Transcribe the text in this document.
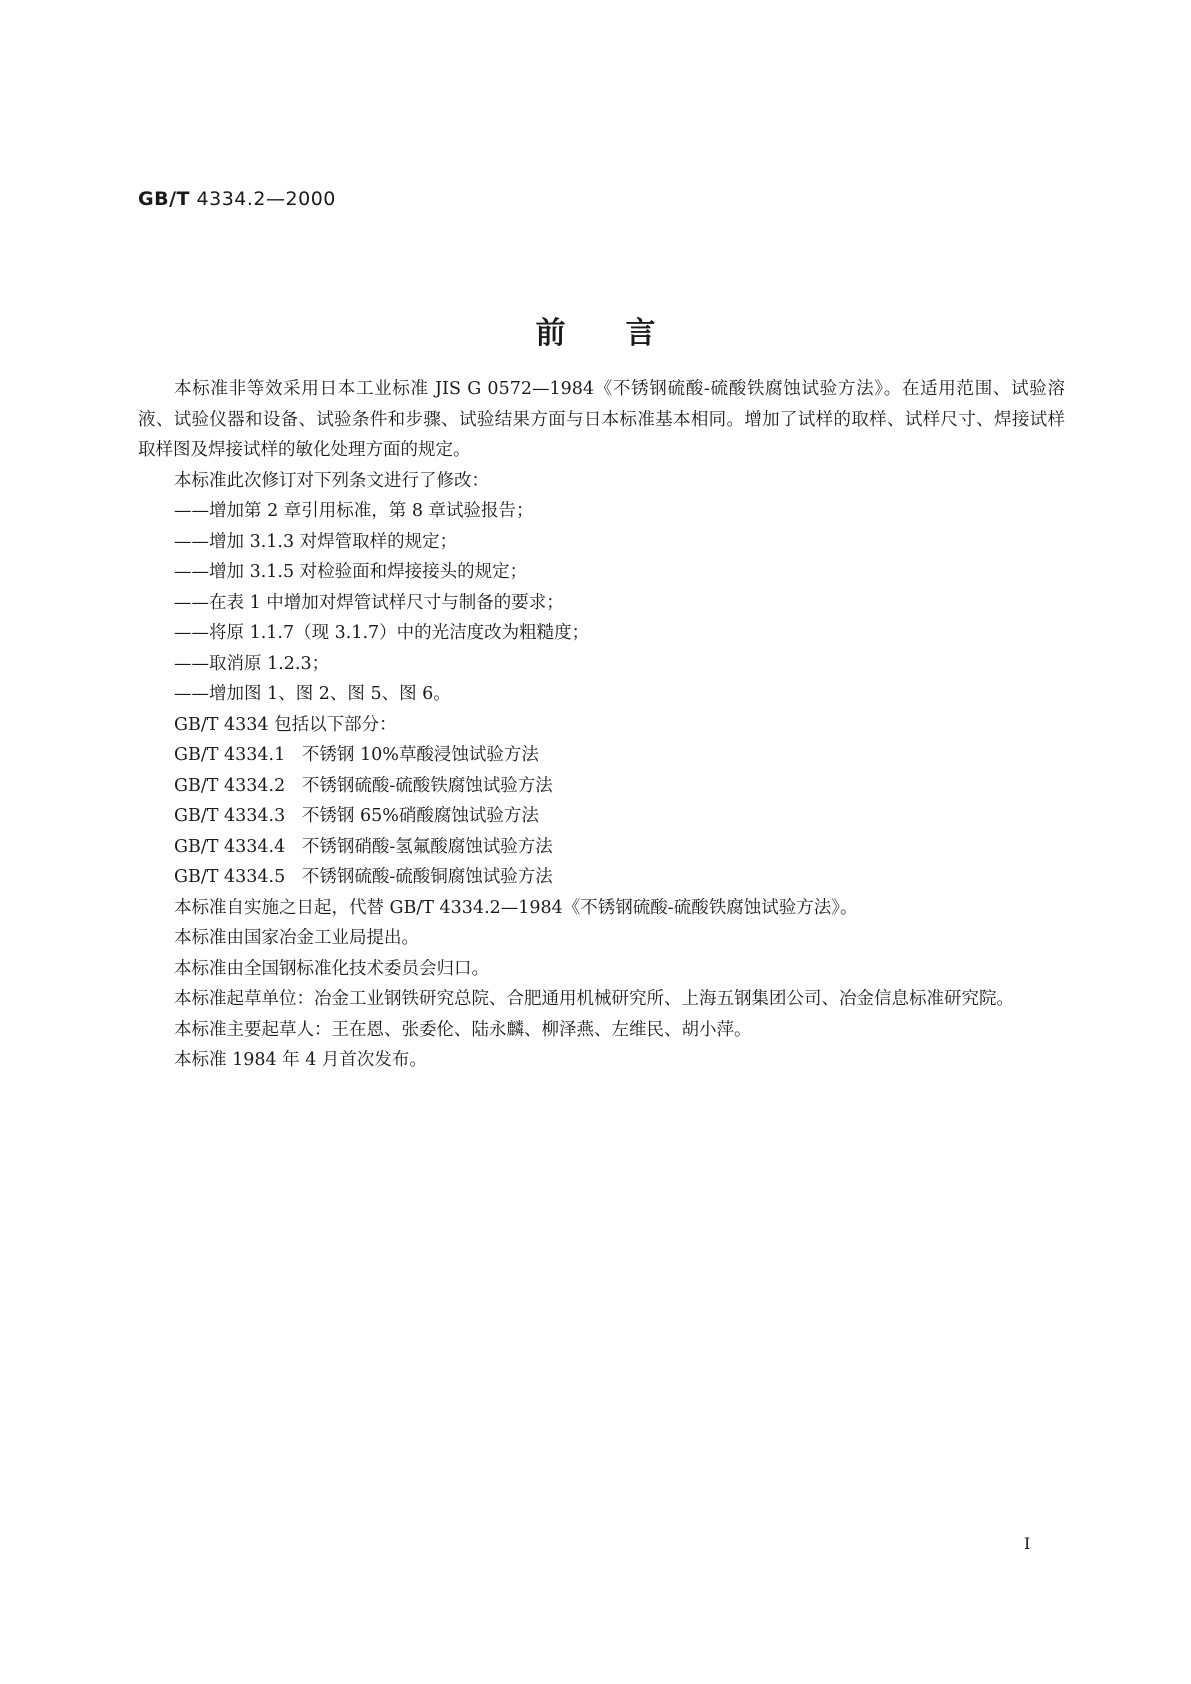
GB/T 4334.2—2000
前言

本标准非等效采用日本工业标准 JIS G 0572—1984《不锈钢硫酸-硫酸铁腐蚀试验方法》。在适用范围、试验溶液、试验仪器和设备、试验条件和步骤、试验结果方面与日本标准基本相同。增加了试样的取样、试样尺寸、焊接试样取样图及焊接试样的敏化处理方面的规定。

本标准此次修订对下列条文进行了修改：

——增加第 2 章引用标准，第 8 章试验报告；

——增加 3.1.3 对焊管取样的规定；

——增加 3.1.5 对检验面和焊接接头的规定；

——在表 1 中增加对焊管试样尺寸与制备的要求；

——将原 1.1.7（现 3.1.7）中的光洁度改为粗糙度；

——取消原 1.2.3；

——增加图 1、图 2、图 5、图 6。

GB/T 4334 包括以下部分：

GB/T 4334.1   不锈钢 10%草酸浸蚀试验方法

GB/T 4334.2   不锈钢硫酸-硫酸铁腐蚀试验方法

GB/T 4334.3   不锈钢 65%硝酸腐蚀试验方法

GB/T 4334.4   不锈钢硝酸-氢氟酸腐蚀试验方法

GB/T 4334.5   不锈钢硫酸-硫酸铜腐蚀试验方法

本标准自实施之日起，代替 GB/T 4334.2—1984《不锈钢硫酸-硫酸铁腐蚀试验方法》。

本标准由国家冶金工业局提出。

本标准由全国钢标准化技术委员会归口。

本标准起草单位：冶金工业钢铁研究总院、合肥通用机械研究所、上海五钢集团公司、冶金信息标准研究院。

本标准主要起草人：王在恩、张委伦、陆永麟、柳泽燕、左维民、胡小萍。

本标准 1984 年 4 月首次发布。

I
